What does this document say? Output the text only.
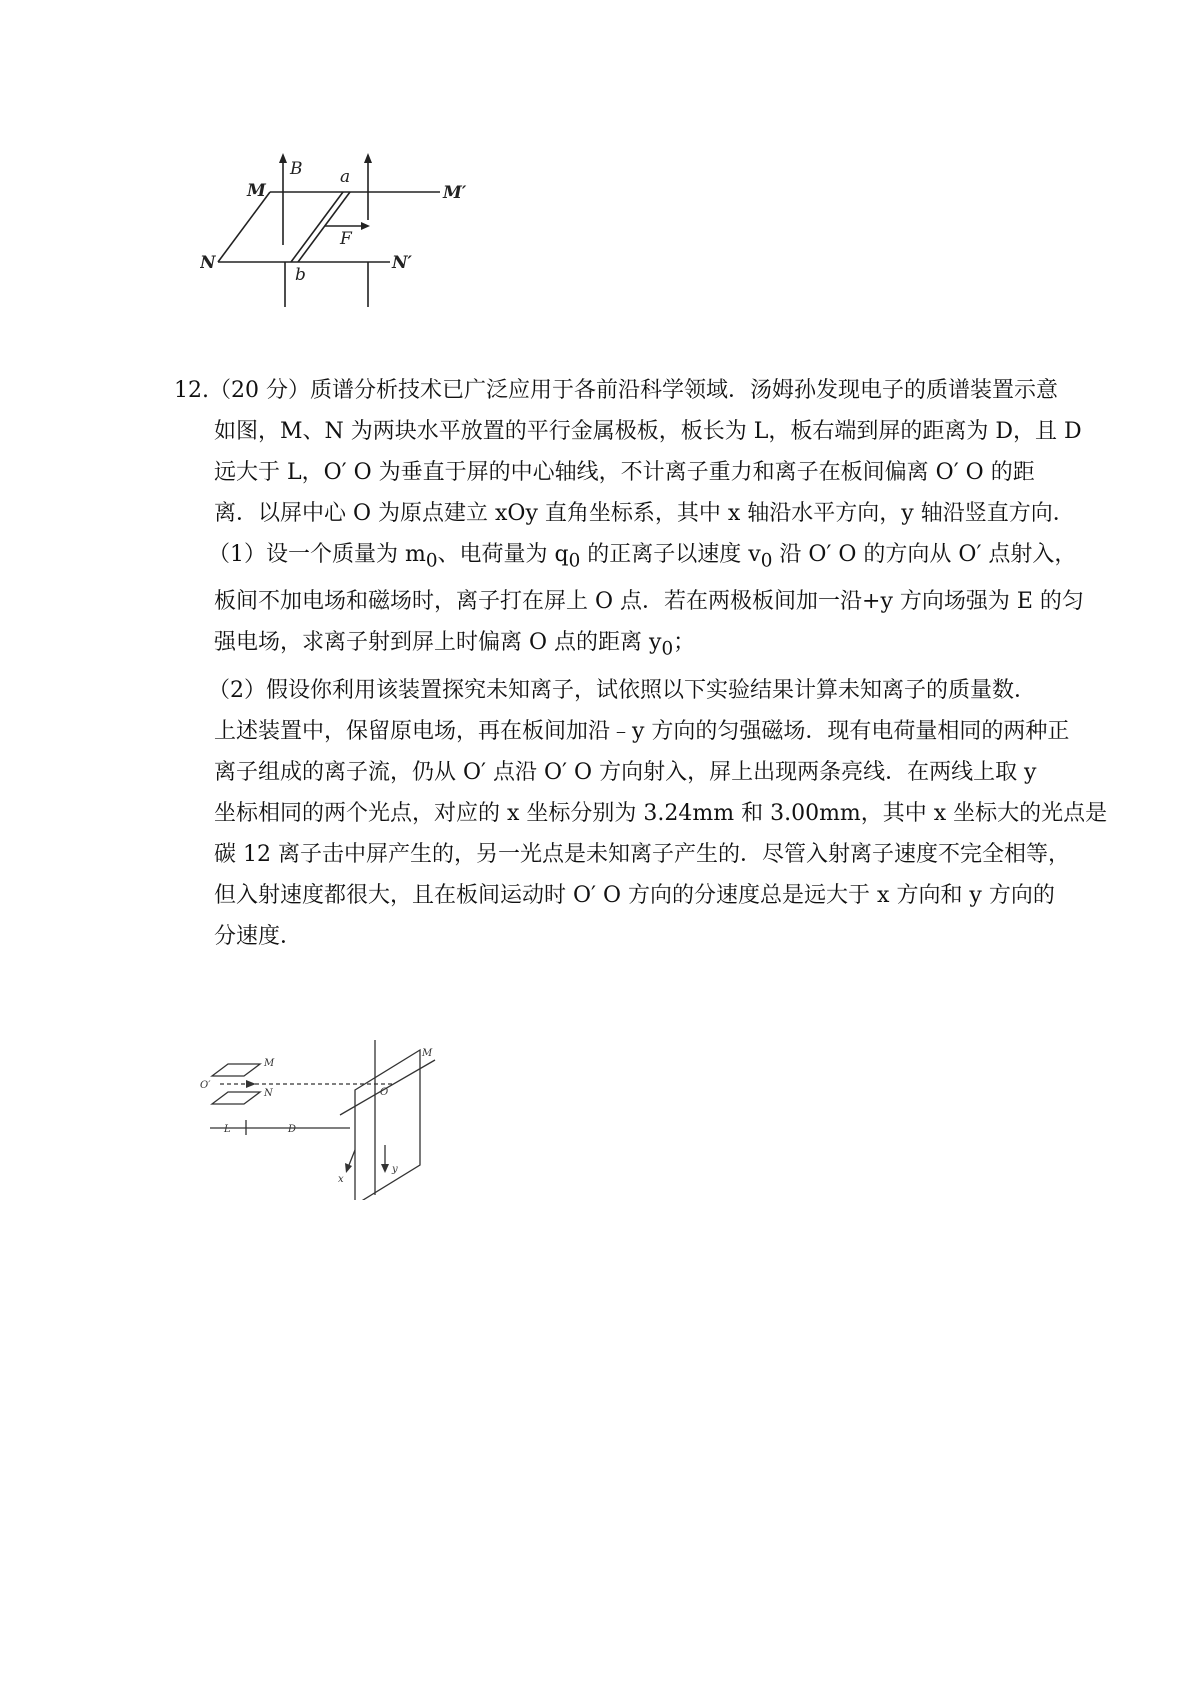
B
M
a
M′
F
N
b
N′
12.（20 分）质谱分析技术已广泛应用于各前沿科学领域．汤姆孙发现电子的质谱装置示意
如图，M、N 为两块水平放置的平行金属极板，板长为 L，板右端到屏的距离为 D，且 D
远大于 L，O′ O 为垂直于屏的中心轴线，不计离子重力和离子在板间偏离 O′ O 的距
离．以屏中心 O 为原点建立 xOy 直角坐标系，其中 x 轴沿水平方向，y 轴沿竖直方向．
（1）设一个质量为 $m_0$、电荷量为 $q_0$ 的正离子以速度 $v_0$ 沿 O′ O 的方向从 O′ 点射入，
板间不加电场和磁场时，离子打在屏上 O 点．若在两极板间加一沿+y 方向场强为 E 的匀
强电场，求离子射到屏上时偏离 O 点的距离 $y_0$；
（2）假设你利用该装置探究未知离子，试依照以下实验结果计算未知离子的质量数．
上述装置中，保留原电场，再在板间加沿﹣y 方向的匀强磁场．现有电荷量相同的两种正
离子组成的离子流，仍从 O′ 点沿 O′ O 方向射入，屏上出现两条亮线．在两线上取 y
坐标相同的两个光点，对应的 x 坐标分别为 3.24mm 和 3.00mm，其中 x 坐标大的光点是
碳 12 离子击中屏产生的，另一光点是未知离子产生的．尽管入射离子速度不完全相等，
但入射速度都很大，且在板间运动时 O′ O 方向的分速度总是远大于 x 方向和 y 方向的
分速度．
M
N
O′
O
L	D
x
y
M
